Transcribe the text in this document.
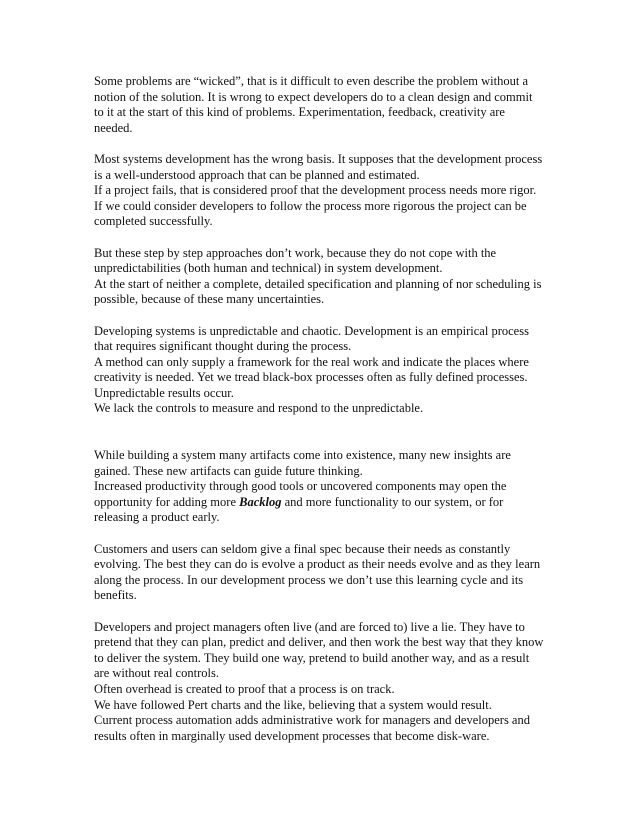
Some problems are “wicked”, that is it difficult to even describe the problem without a
notion of the solution. It is wrong to expect developers do to a clean design and commit
to it at the start of this kind of problems. Experimentation, feedback, creativity are
needed.

Most systems development has the wrong basis. It supposes that the development process
is a well-understood approach that can be planned and estimated.
If a project fails, that is considered proof that the development process needs more rigor.
If we could consider developers to follow the process more rigorous the project can be
completed successfully.

But these step by step approaches don’t work, because they do not cope with the
unpredictabilities (both human and technical) in system development.
At the start of neither a complete, detailed specification and planning of nor scheduling is
possible, because of these many uncertainties.

Developing systems is unpredictable and chaotic. Development is an empirical process
that requires significant thought during the process.
A method can only supply a framework for the real work and indicate the places where
creativity is needed. Yet we tread black-box processes often as fully defined processes.
Unpredictable results occur.
We lack the controls to measure and respond to the unpredictable.

While building a system many artifacts come into existence, many new insights are
gained. These new artifacts can guide future thinking.
Increased productivity through good tools or uncovered components may open the
opportunity for adding more Backlog and more functionality to our system, or for
releasing a product early.

Customers and users can seldom give a final spec because their needs as constantly
evolving. The best they can do is evolve a product as their needs evolve and as they learn
along the process. In our development process we don’t use this learning cycle and its
benefits.

Developers and project managers often live (and are forced to) live a lie. They have to
pretend that they can plan, predict and deliver, and then work the best way that they know
to deliver the system. They build one way, pretend to build another way, and as a result
are without real controls.
Often overhead is created to proof that a process is on track.
We have followed Pert charts and the like, believing that a system would result.
Current process automation adds administrative work for managers and developers and
results often in marginally used development processes that become disk-ware.
